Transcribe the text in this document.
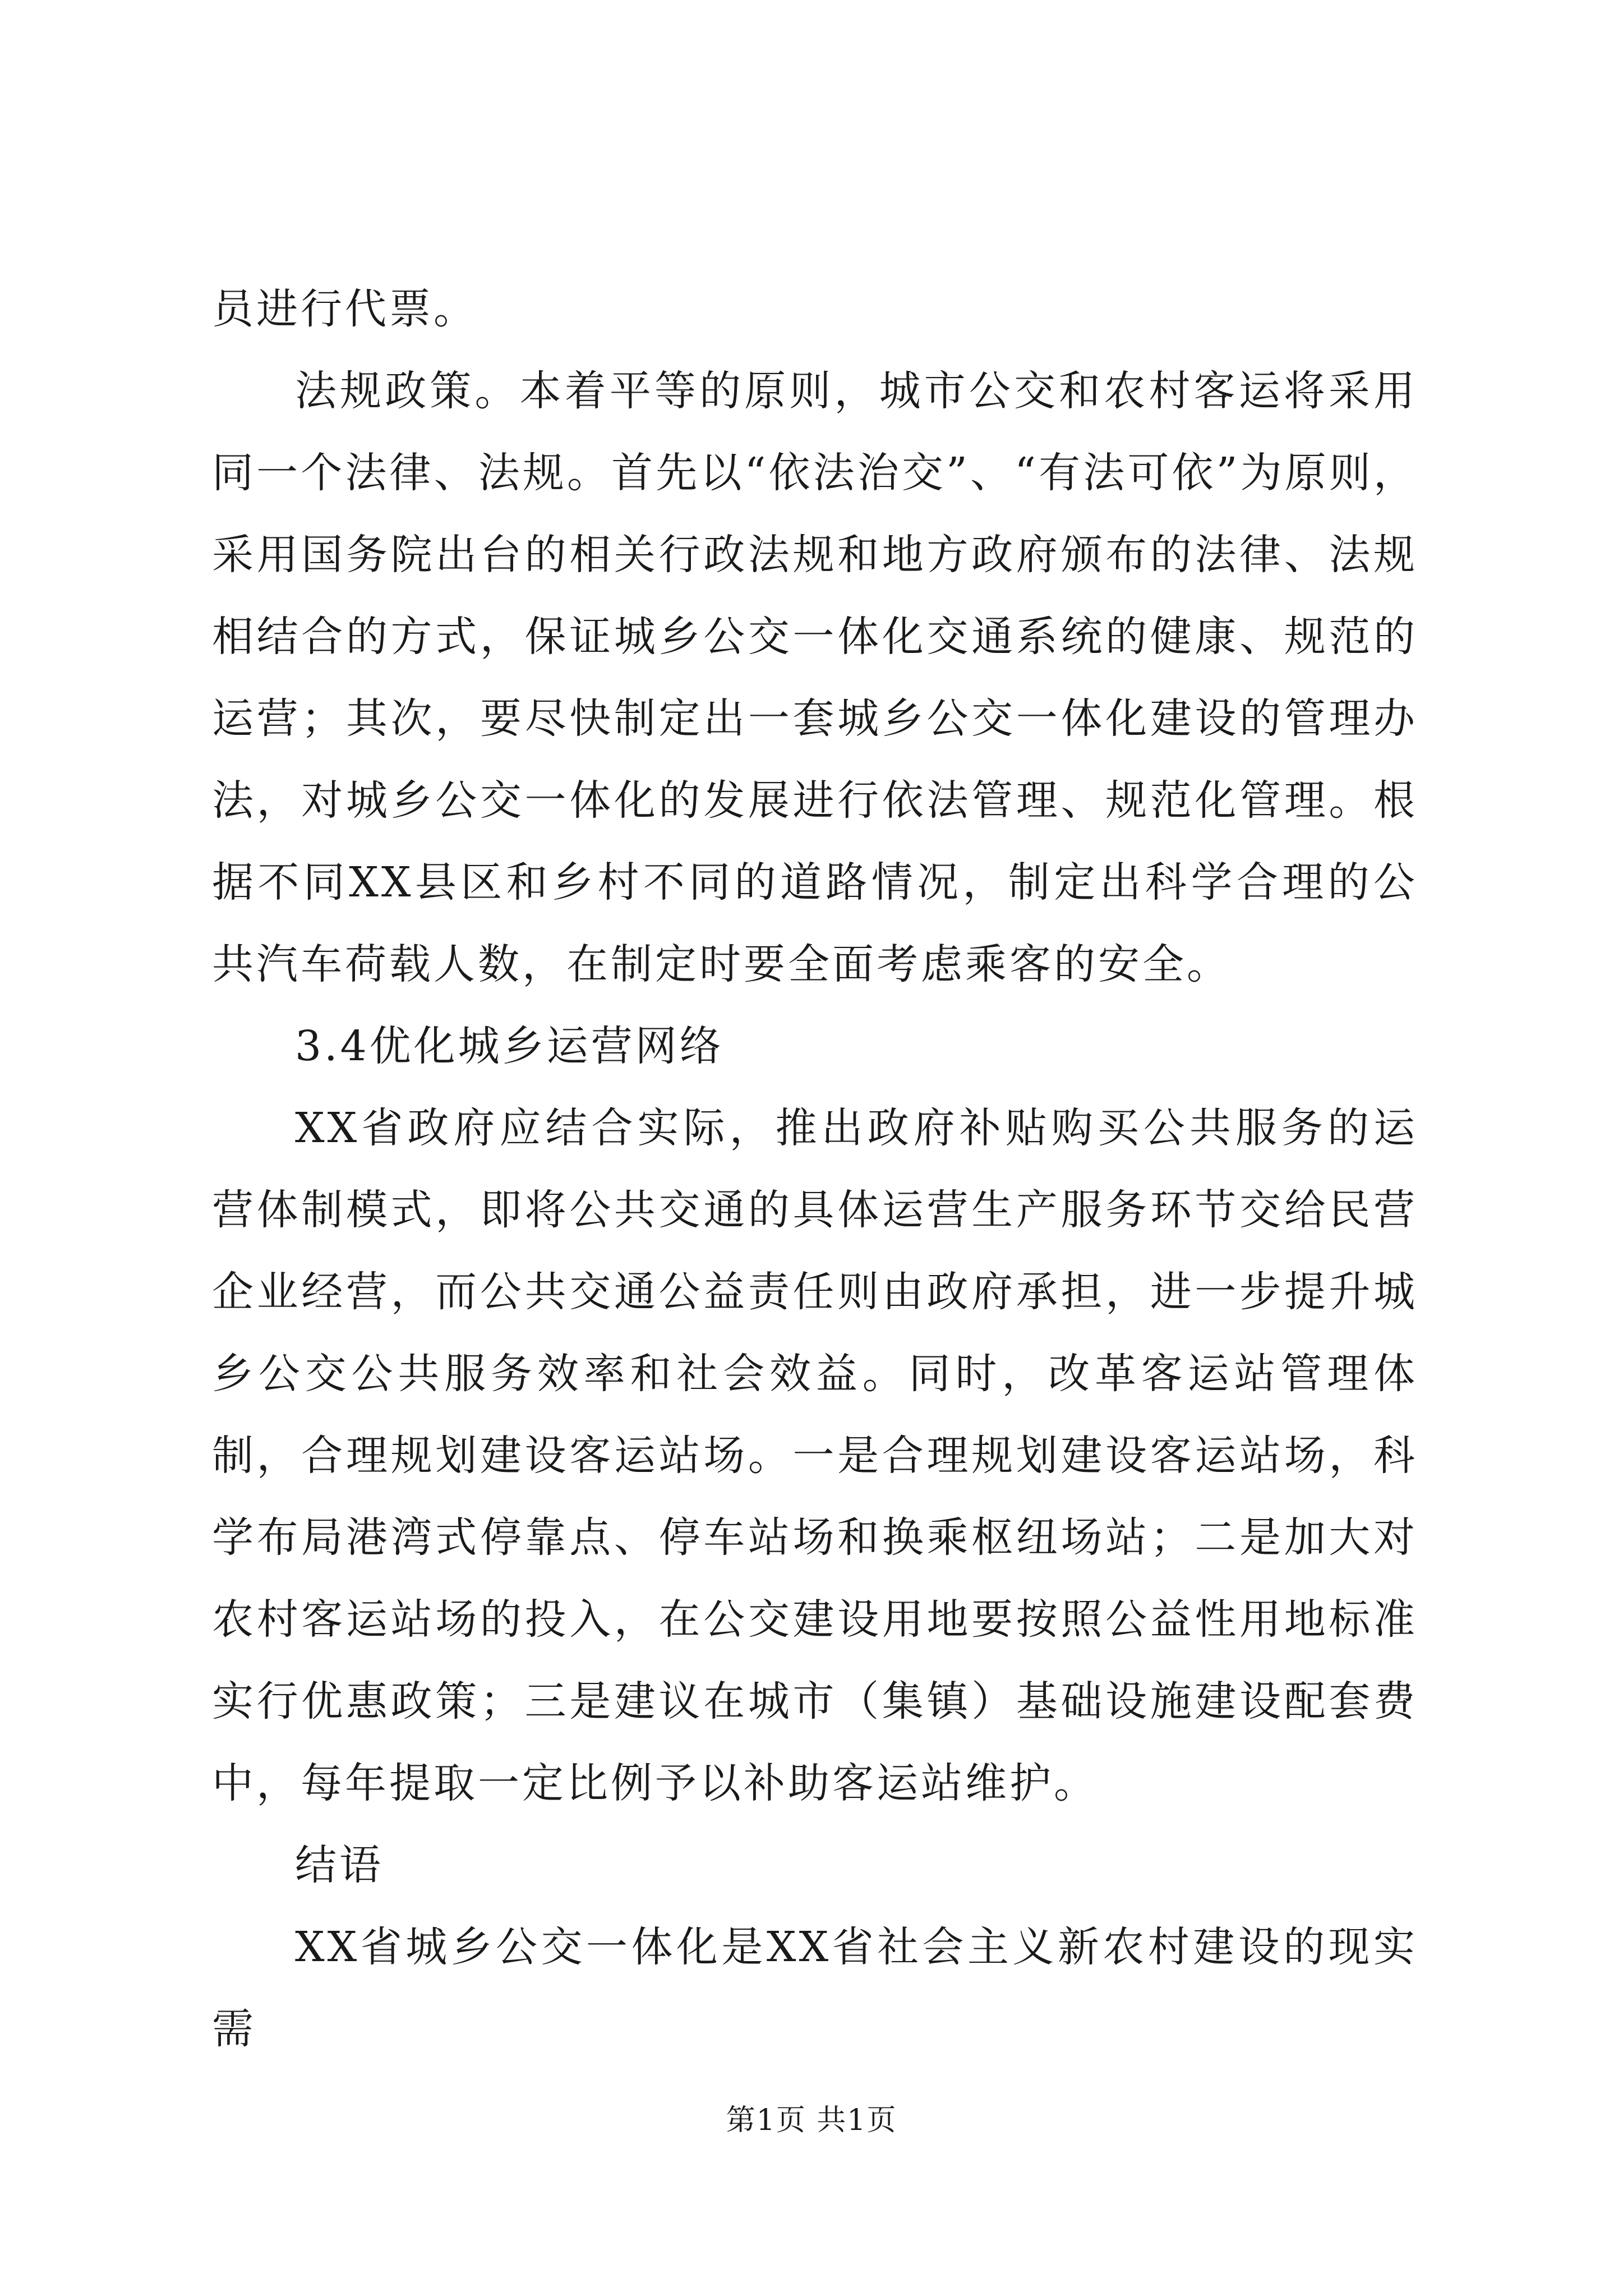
员进行代票。

法规政策。本着平等的原则，城市公交和农村客运将采用同一个法律、法规。首先以“依法治交”、“有法可依”为原则，采用国务院出台的相关行政法规和地方政府颁布的法律、法规相结合的方式，保证城乡公交一体化交通系统的健康、规范的运营；其次，要尽快制定出一套城乡公交一体化建设的管理办法，对城乡公交一体化的发展进行依法管理、规范化管理。根据不同XX县区和乡村不同的道路情况，制定出科学合理的公共汽车荷载人数，在制定时要全面考虑乘客的安全。

3.4优化城乡运营网络

XX省政府应结合实际，推出政府补贴购买公共服务的运营体制模式，即将公共交通的具体运营生产服务环节交给民营企业经营，而公共交通公益责任则由政府承担，进一步提升城乡公交公共服务效率和社会效益。同时，改革客运站管理体制，合理规划建设客运站场。一是合理规划建设客运站场，科学布局港湾式停靠点、停车站场和换乘枢纽场站；二是加大对农村客运站场的投入，在公交建设用地要按照公益性用地标准实行优惠政策；三是建议在城市（集镇）基础设施建设配套费中，每年提取一定比例予以补助客运站维护。

结语

XX省城乡公交一体化是XX省社会主义新农村建设的现实需

第1页 共1页
